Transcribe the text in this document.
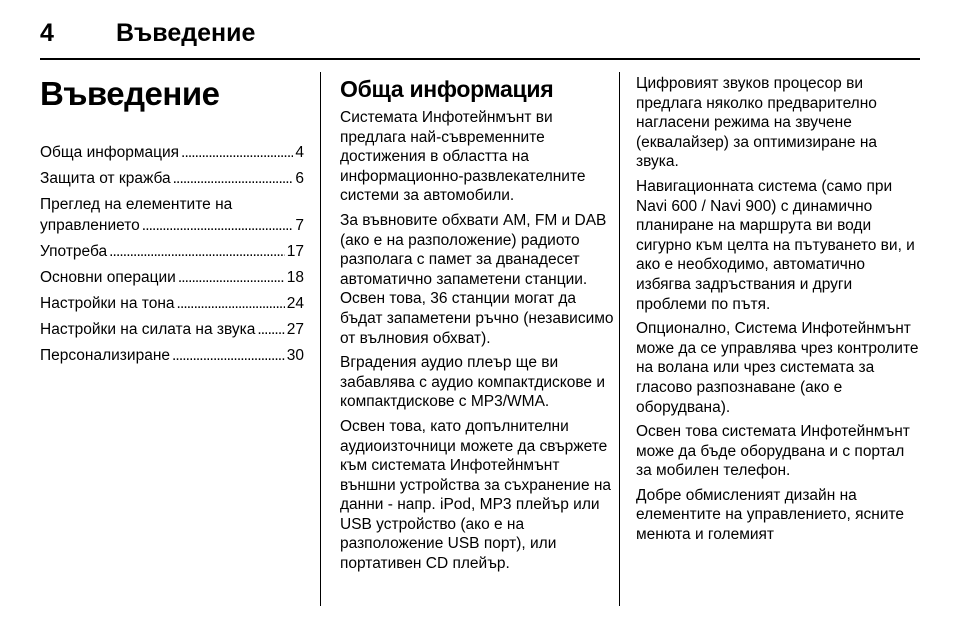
4 Въведение
Въведение
Обща информация . . .	4
Защита от кражба . . .	6
Преглед на елементите на
управлението . . .	7
Употреба . . .	17
Основни операции . . .	18
Настройки на тона . . .	24
Настройки на силата на звука . . . 27
Персонализиране . . .	30
Обща информация

Системата Инфотейнмънт ви предлага най-съвременните достижения в областта на информационно-развлекателните системи за автомобили.

За въвновите обхвати AM, FM и DAB (ако е на разположение) радиото разполага с памет за дванадесет автоматично запаметени станции. Освен това, 36 станции могат да бъдат запаметени ръчно (независимо от вълновия обхват).

Вградения аудио плеър ще ви забавлява с аудио компактдискове и компактдискове с MP3/WMA.

Освен това, като допълнителни аудиоизточници можете да свържете към системата Инфотейнмънт външни устройства за съхранение на данни - напр. iPod, MP3 плейър или USB устройство (ако е на разположение USB порт), или портативен CD плейър.

Цифровият звуков процесор ви предлага няколко предварително нагласени режима на звучене (еквалайзер) за оптимизиране на звука.

Навигационната система (само при Navi 600 / Navi 900) с динамично планиране на маршрута ви води сигурно към целта на пътуването ви, и ако е необходимо, автоматично избягва задръствания и други проблеми по пътя.

Опционално, Системa Инфотейнмънт може да се управлява чрез контролите на волана или чрез системата за гласово разпознаване (ако е оборудвана).

Освен това системата Инфотейнмънт може да бъде оборудвана и с портал за мобилен телефон.

Добре обмисленият дизайн на елементите на управлението, ясните менюта и големият
